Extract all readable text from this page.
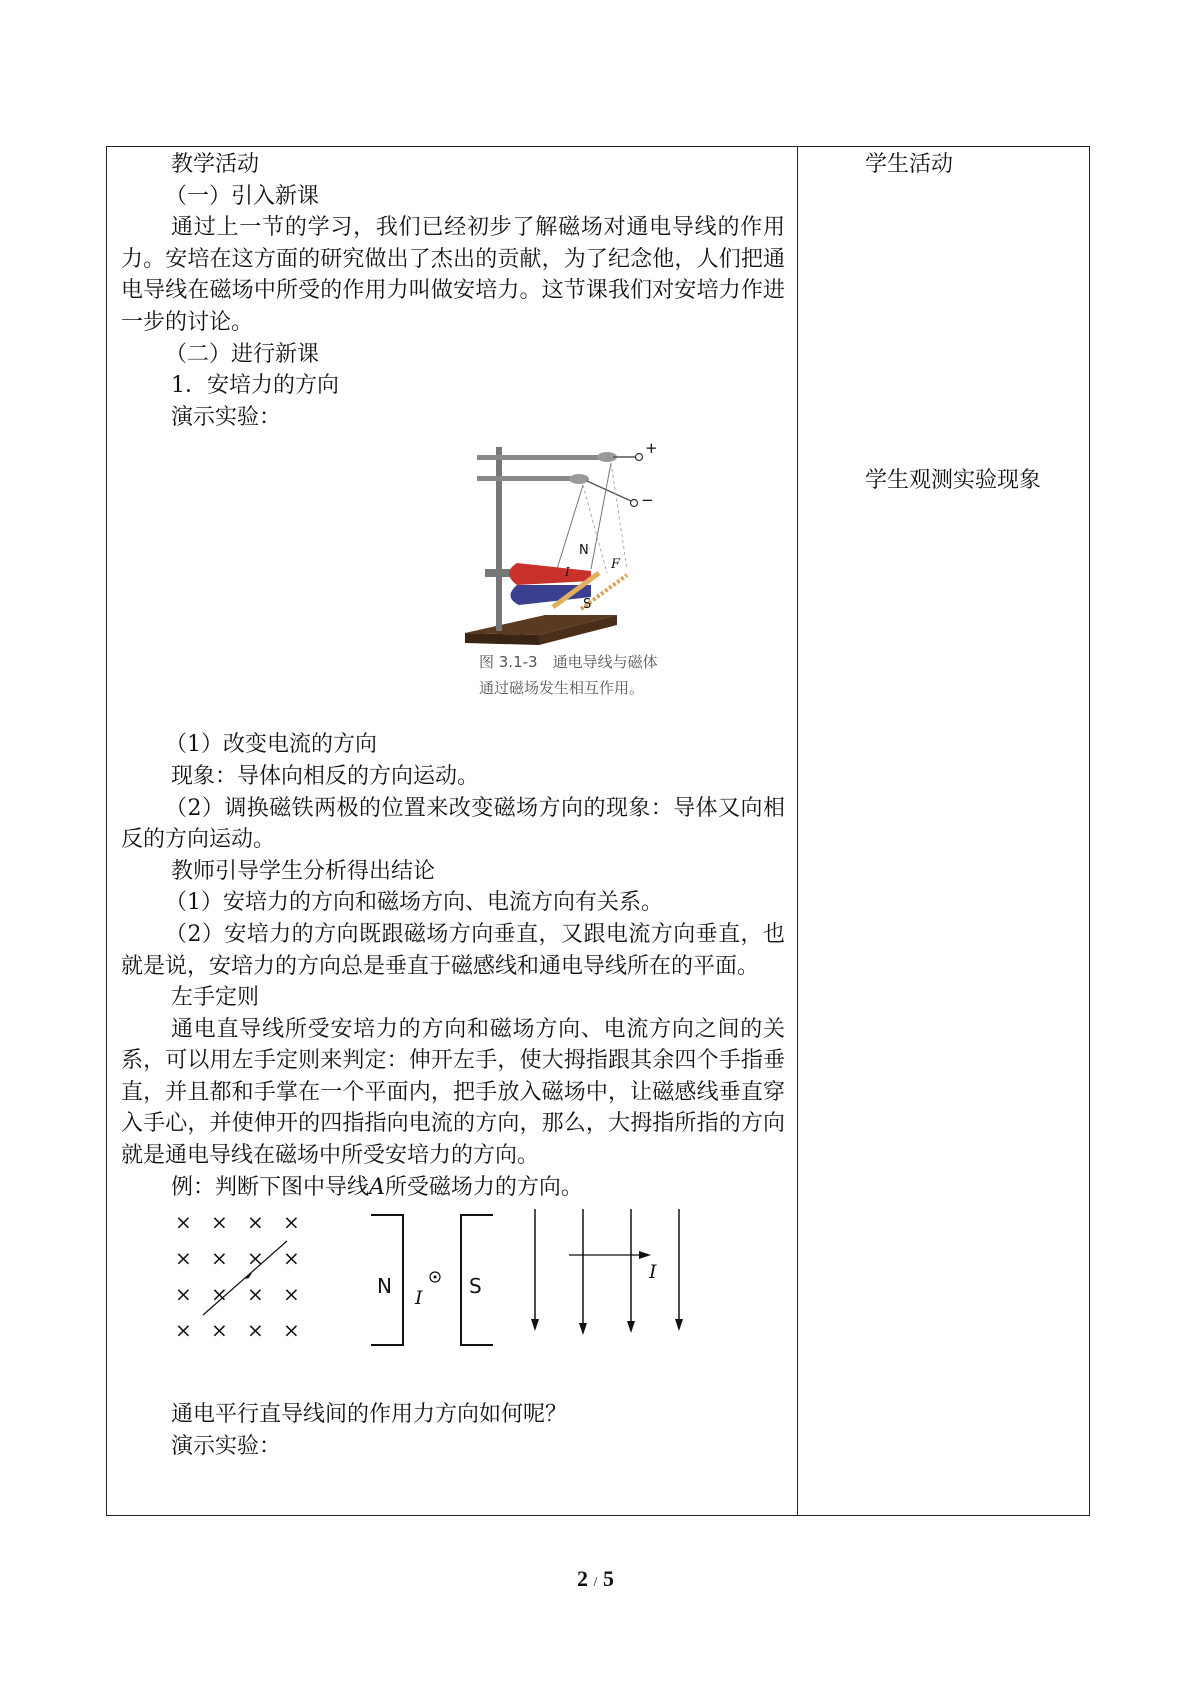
教学活动

（一）引入新课

通过上一节的学习，我们已经初步了解磁场对通电导线的作用力。安培在这方面的研究做出了杰出的贡献，为了纪念他，人们把通电导线在磁场中所受的作用力叫做安培力。这节课我们对安培力作进一步的讨论。

（二）进行新课

1．安培力的方向

演示实验：

+
−
N
S
F
I
图 3.1-3　通电导线与磁体
通过磁场发生相互作用。

（1）改变电流的方向

现象：导体向相反的方向运动。

（2）调换磁铁两极的位置来改变磁场方向的现象：导体又向相反的方向运动。

教师引导学生分析得出结论

（1）安培力的方向和磁场方向、电流方向有关系。

（2）安培力的方向既跟磁场方向垂直，又跟电流方向垂直，也就是说，安培力的方向总是垂直于磁感线和通电导线所在的平面。

左手定则

通电直导线所受安培力的方向和磁场方向、电流方向之间的关系，可以用左手定则来判定：伸开左手，使大拇指跟其余四个手指垂直，并且都和手掌在一个平面内，把手放入磁场中，让磁感线垂直穿入手心，并使伸开的四指指向电流的方向，那么，大拇指所指的方向就是通电导线在磁场中所受安培力的方向。

例：判断下图中导线A所受磁场力的方向。

× × × ×
× × × ×
× × × ×
× × × ×
N	S
I
I

通电平行直导线间的作用力方向如何呢？

演示实验：

学生活动

学生观测实验现象

2 / 5
